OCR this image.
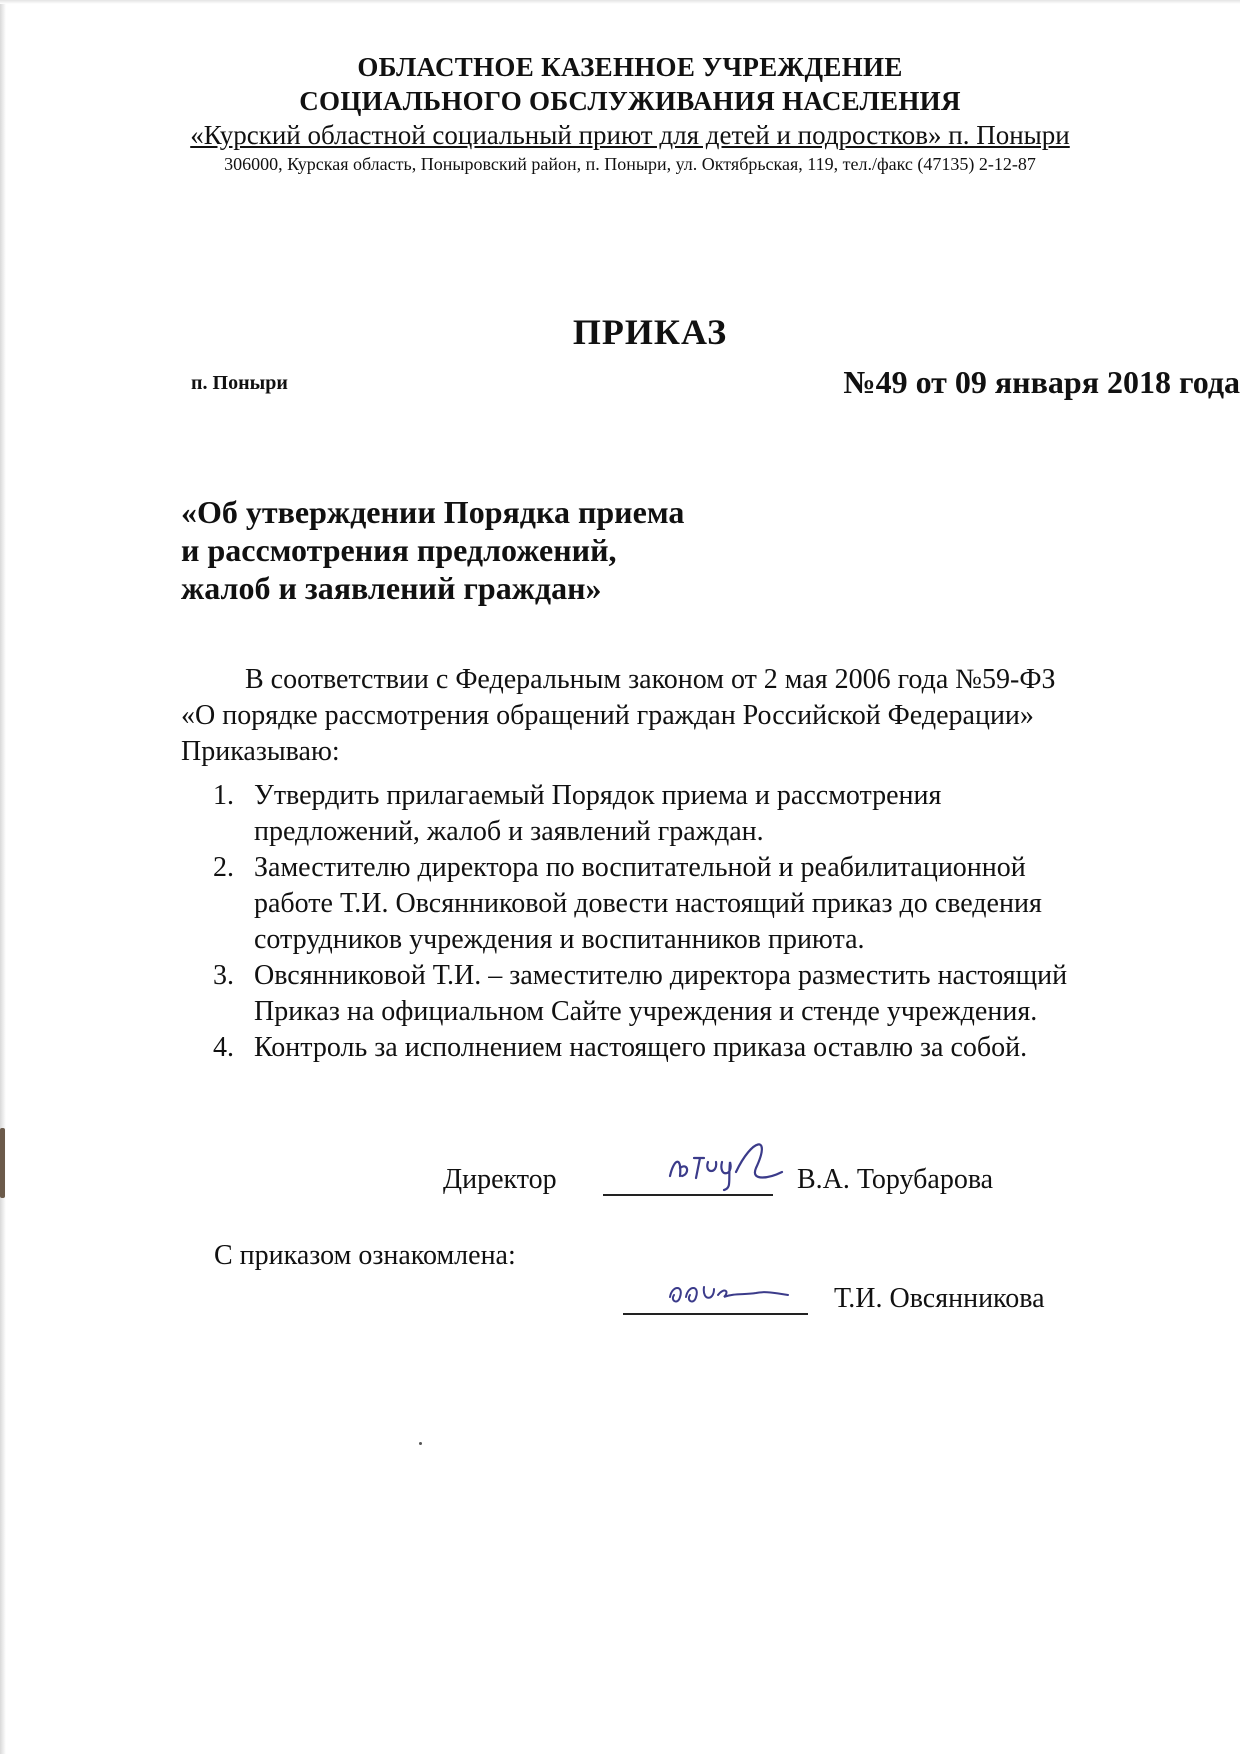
ОБЛАСТНОЕ КАЗЕННОЕ УЧРЕЖДЕНИЕ
СОЦИАЛЬНОГО ОБСЛУЖИВАНИЯ НАСЕЛЕНИЯ
«Курский областной социальный приют для детей и подростков» п. Поныри
306000, Курская область, Поныровский район, п. Поныри, ул. Октябрьская, 119, тел./факс (47135) 2-12-87
ПРИКАЗ
п. Поныри	№49 от 09 января 2018 года
«Об утверждении Порядка приема
и рассмотрения предложений,
жалоб и заявлений граждан»
В соответствии с Федеральным законом от 2 мая 2006 года №59-ФЗ
«О порядке рассмотрения обращений граждан Российской Федерации»
Приказываю:
1. Утвердить прилагаемый Порядок приема и рассмотрения
предложений, жалоб и заявлений граждан.
2. Заместителю директора по воспитательной и реабилитационной
работе Т.И. Овсянниковой довести настоящий приказ до сведения
сотрудников учреждения и воспитанников приюта.
3. Овсянниковой Т.И. – заместителю директора разместить настоящий
Приказ на официальном Сайте учреждения и стенде учреждения.
4. Контроль за исполнением настоящего приказа оставлю за собой.
Директор	В.А. Торубарова
С приказом ознакомлена:
Т.И. Овсянникова
